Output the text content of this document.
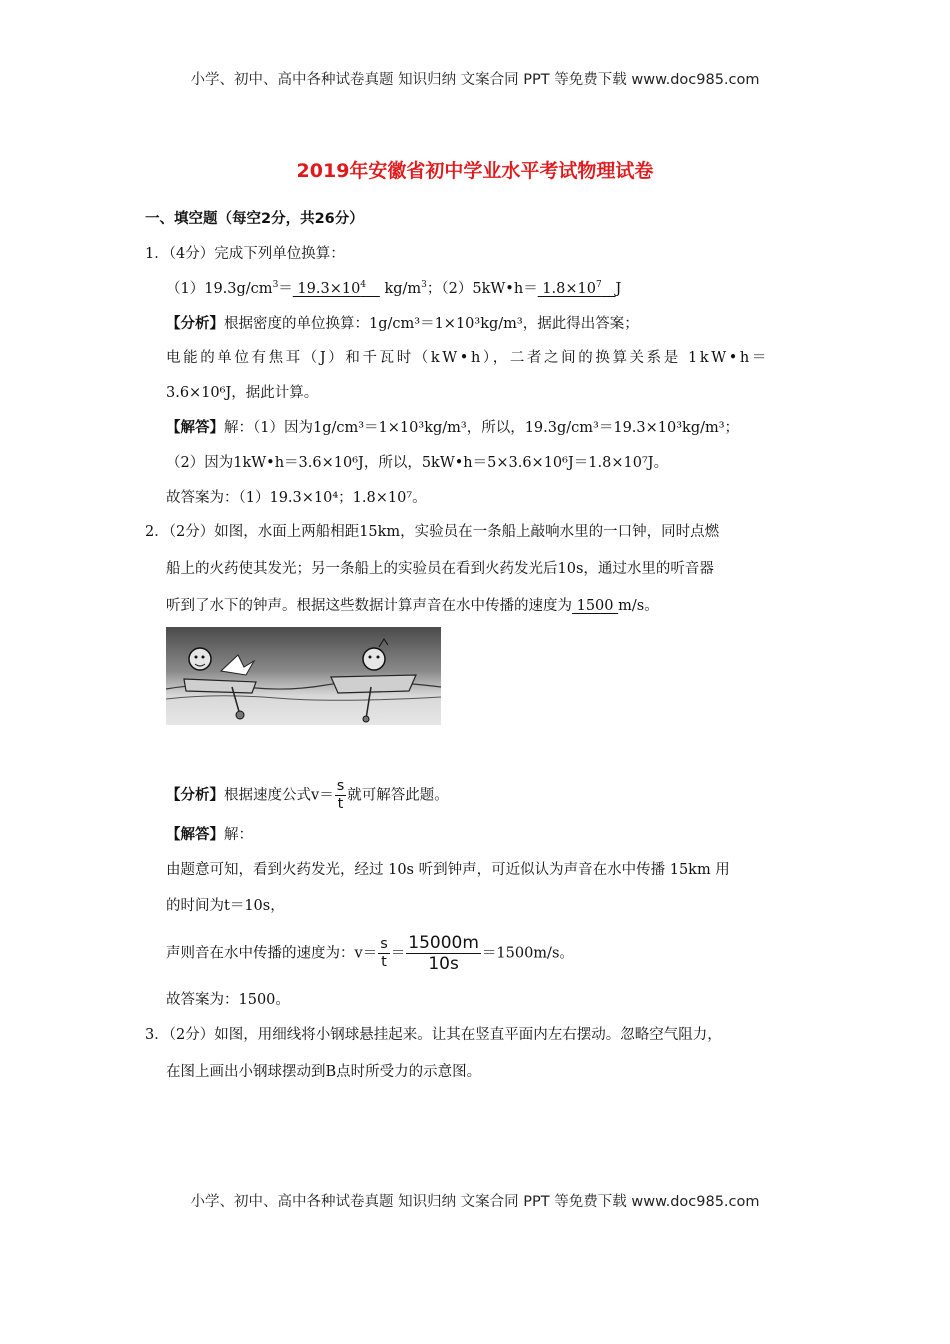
小学、初中、高中各种试卷真题 知识归纳 文案合同 PPT 等免费下载 www.doc985.com
2019年安徽省初中学业水平考试物理试卷
一、填空题（每空2分，共26分）
1．（4分）完成下列单位换算：
$(1)19.3g/cm^3= 19.3\times 10^4$ $kg/m^3$；（2）5kW•h＝ $1.8\times 10^7$ J
【分析】根据密度的单位换算：1g/cm³＝1×10³kg/m³，据此得出答案；
电能的单位有焦耳（J）和千瓦时（kW•h），二者之间的换算关系是 1kW•h＝
3.6×10⁶J，据此计算。
【解答】解：（1）因为1g/cm³＝1×10³kg/m³，所以，19.3g/cm³＝19.3×10³kg/m³；
（2）因为1kW•h＝3.6×10⁶J，所以，5kW•h＝5×3.6×10⁶J＝1.8×10⁷J。
故答案为：（1）19.3×10⁴；1.8×10⁷。
2．（2分）如图，水面上两船相距15km，实验员在一条船上敲响水里的一口钟，同时点燃
船上的火药使其发光；另一条船上的实验员在看到火药发光后10s，通过水里的听音器
听到了水下的钟声。根据这些数据计算声音在水中传播的速度为 1500 m/s。
【分析】根据速度公式$v= \frac{s}{t}$ 就可解答此题。
【解答】解：
由题意可知，看到火药发光，经过 10s 听到钟声，可近似认为声音在水中传播 15km 用
的时间为t＝10s，
声则音在水中传播的速度为：$v= \frac{s}{t} = \frac{15000m}{10s} =1500m/s$。
故答案为：1500。
3．（2分）如图，用细线将小钢球悬挂起来。让其在竖直平面内左右摆动。忽略空气阻力，
在图上画出小钢球摆动到B点时所受力的示意图。
小学、初中、高中各种试卷真题 知识归纳 文案合同 PPT 等免费下载 www.doc985.com
